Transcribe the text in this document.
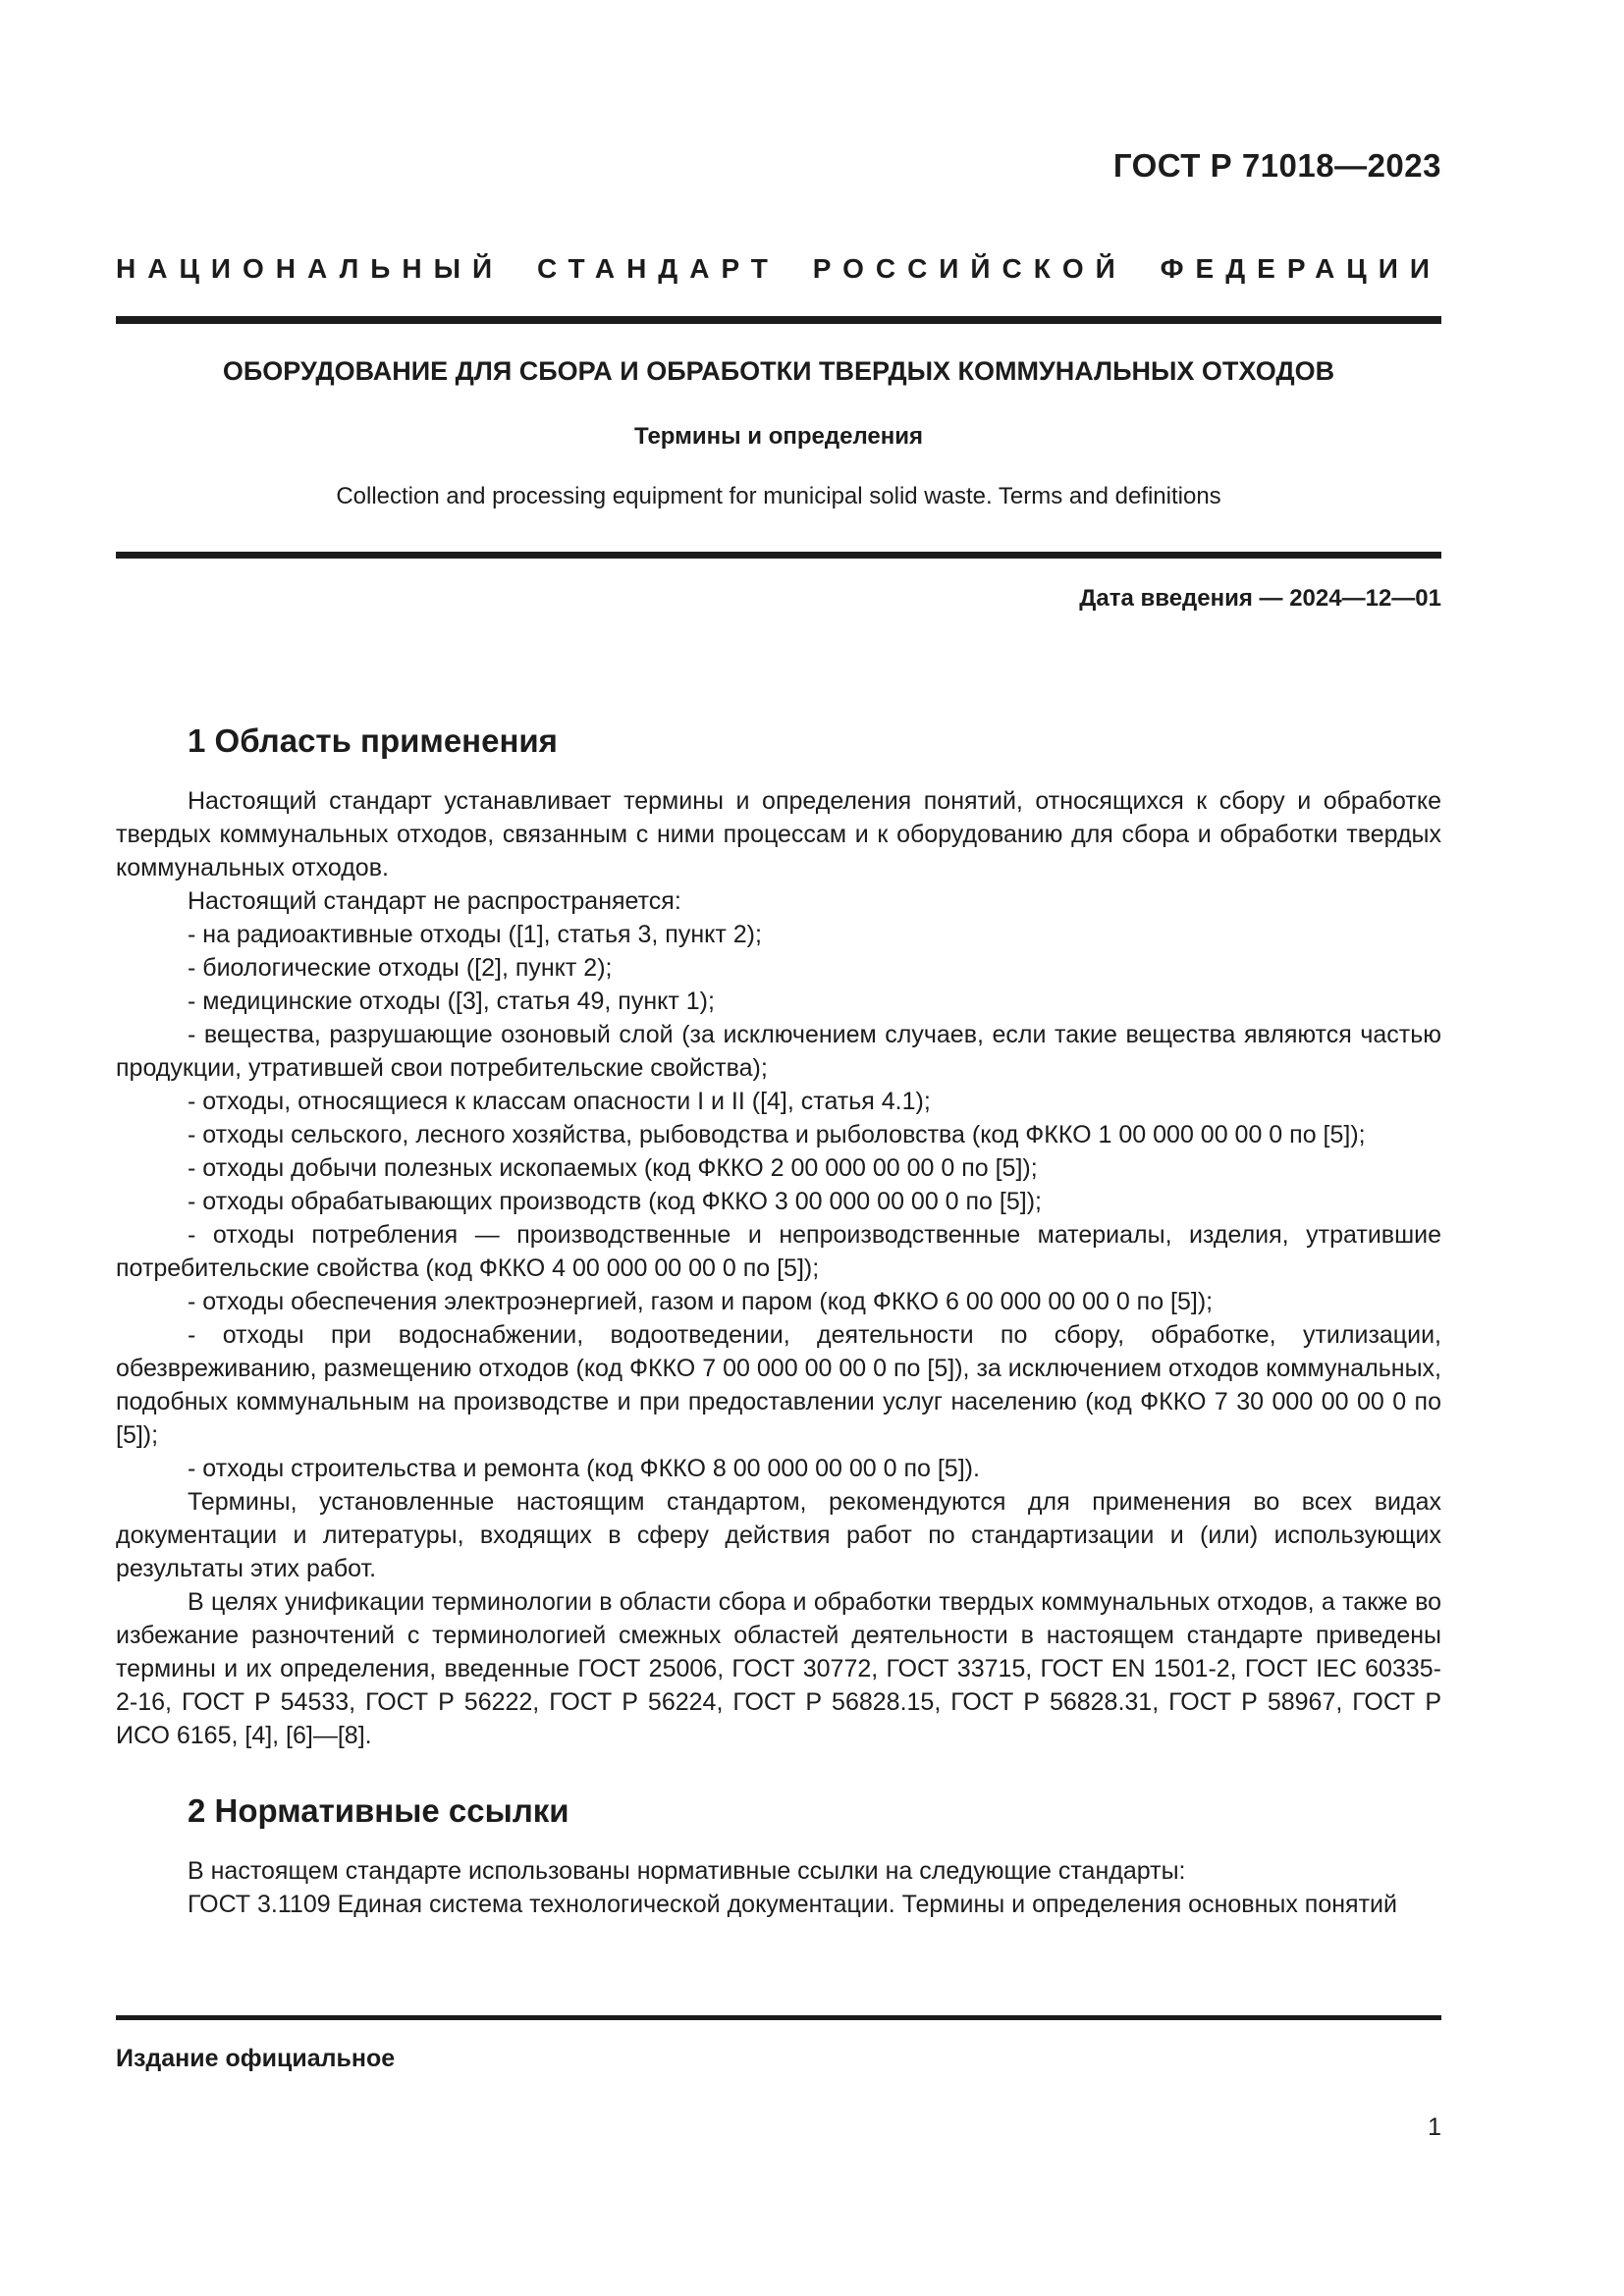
ГОСТ Р 71018—2023
НАЦИОНАЛЬНЫЙ СТАНДАРТ РОССИЙСКОЙ ФЕДЕРАЦИИ
ОБОРУДОВАНИЕ ДЛЯ СБОРА И ОБРАБОТКИ ТВЕРДЫХ КОММУНАЛЬНЫХ ОТХОДОВ
Термины и определения
Collection and processing equipment for municipal solid waste. Terms and definitions
Дата введения — 2024—12—01
1 Область применения

Настоящий стандарт устанавливает термины и определения понятий, относящихся к сбору и обработке твердых коммунальных отходов, связанным с ними процессам и к оборудованию для сбора и обработки твердых коммунальных отходов.

Настоящий стандарт не распространяется:

- на радиоактивные отходы ([1], статья 3, пункт 2);

- биологические отходы ([2], пункт 2);

- медицинские отходы ([3], статья 49, пункт 1);

- вещества, разрушающие озоновый слой (за исключением случаев, если такие вещества являются частью продукции, утратившей свои потребительские свойства);

- отходы, относящиеся к классам опасности I и II ([4], статья 4.1);

- отходы сельского, лесного хозяйства, рыбоводства и рыболовства (код ФККО 1 00 000 00 00 0 по [5]);

- отходы добычи полезных ископаемых (код ФККО 2 00 000 00 00 0 по [5]);

- отходы обрабатывающих производств (код ФККО 3 00 000 00 00 0 по [5]);

- отходы потребления — производственные и непроизводственные материалы, изделия, утратившие потребительские свойства (код ФККО 4 00 000 00 00 0 по [5]);

- отходы обеспечения электроэнергией, газом и паром (код ФККО 6 00 000 00 00 0 по [5]);

- отходы при водоснабжении, водоотведении, деятельности по сбору, обработке, утилизации, обезвреживанию, размещению отходов (код ФККО 7 00 000 00 00 0 по [5]), за исключением отходов коммунальных, подобных коммунальным на производстве и при предоставлении услуг населению (код ФККО 7 30 000 00 00 0 по [5]);

- отходы строительства и ремонта (код ФККО 8 00 000 00 00 0 по [5]).

Термины, установленные настоящим стандартом, рекомендуются для применения во всех видах документации и литературы, входящих в сферу действия работ по стандартизации и (или) использующих результаты этих работ.

В целях унификации терминологии в области сбора и обработки твердых коммунальных отходов, а также во избежание разночтений с терминологией смежных областей деятельности в настоящем стандарте приведены термины и их определения, введенные ГОСТ 25006, ГОСТ 30772, ГОСТ 33715, ГОСТ EN 1501-2, ГОСТ IEC 60335-2-16, ГОСТ Р 54533, ГОСТ Р 56222, ГОСТ Р 56224, ГОСТ Р 56828.15, ГОСТ Р 56828.31, ГОСТ Р 58967, ГОСТ Р ИСО 6165, [4], [6]—[8].

2 Нормативные ссылки

В настоящем стандарте использованы нормативные ссылки на следующие стандарты:

ГОСТ 3.1109 Единая система технологической документации. Термины и определения основных понятий

Издание официальное
1
